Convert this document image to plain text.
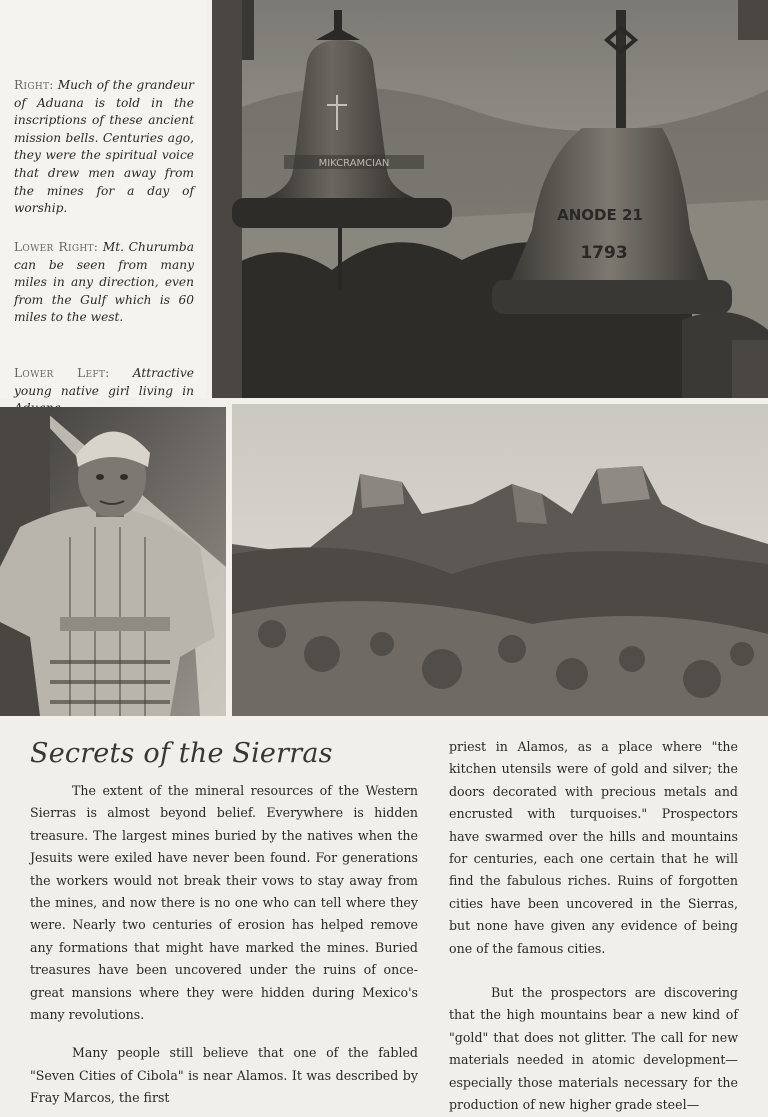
Right: Much of the grandeur of Aduana is told in the inscriptions of these ancient mission bells. Centuries ago, they were the spiritual voice that drew men away from the mines for a day of worship.
Lower Right: Mt. Churumba can be seen from many miles in any direction, even from the Gulf which is 60 miles to the west.
Lower Left: Attractive young native girl living in
MIKCRAMCIAN
ANODE 21
1793
Secrets of the Sierras

The extent of the mineral resources of the Western Sierras is almost beyond belief. Everywhere is hidden treasure. The largest mines buried by the natives when the Jesuits were exiled have never been found. For generations the workers would not break their vows to stay away from the mines, and now there is no one who can tell where they were. Nearly two centuries of erosion has helped remove any formations that might have marked the mines. Buried treasures have been uncovered under the ruins of once-great mansions where they were hidden during Mexico's many revolutions.

Many people still believe that one of the fabled "Seven Cities of Cibola" is near Alamos. It was described by Fray Marcos, the first

priest in Alamos, as a place where "the kitchen utensils were of gold and silver; the doors decorated with precious metals and encrusted with turquoises." Prospectors have swarmed over the hills and mountains for centuries, each one certain that he will find the fabulous riches. Ruins of forgotten cities have been uncovered in the Sierras, but none have given any evidence of being one of the famous cities.

But the prospectors are discovering that the high mountains bear a new kind of "gold" that does not glitter. The call for new materials needed in atomic development—especially those materials necessary for the production of new higher grade steel—
